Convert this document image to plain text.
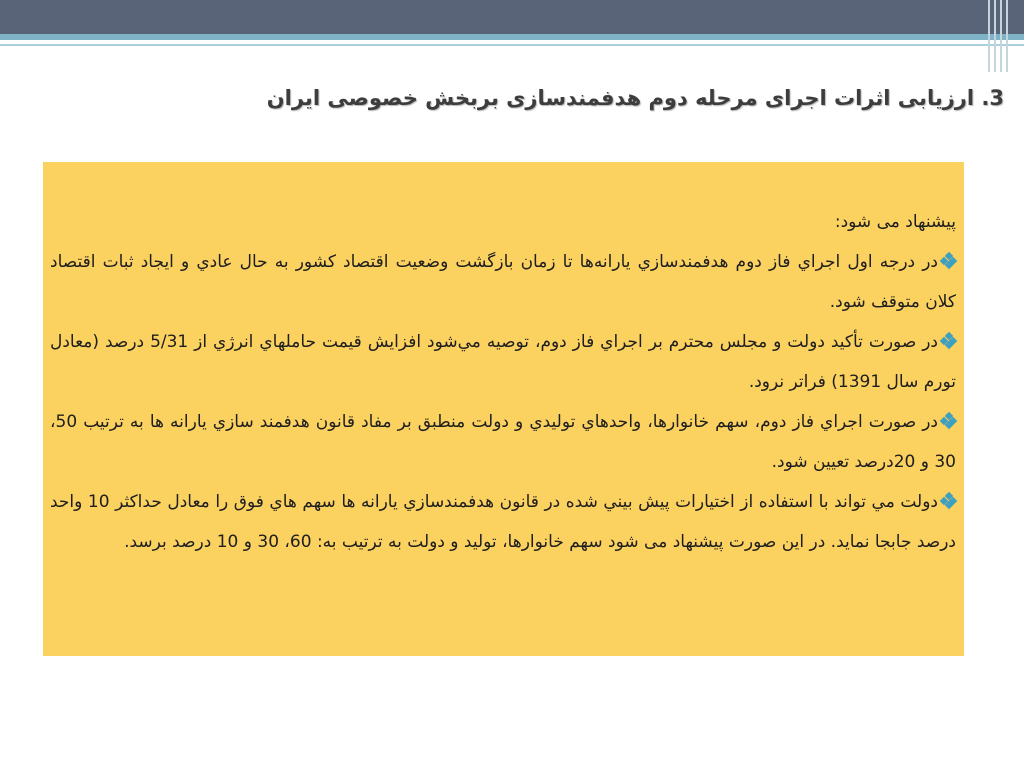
3. ارزیابی اثرات اجرای مرحله دوم هدفمندسازی بربخش خصوصی ایران

پیشنهاد می شود:

در درجه اول اجراي فاز دوم هدفمندسازي يارانه‌ها تا زمان بازگشت وضعيت اقتصاد كشور به حال عادي و ايجاد ثبات اقتصاد كلان متوقف شود.

در صورت تأكيد دولت و مجلس محترم بر اجراي فاز دوم، توصيه مي‌شود افزايش قيمت حاملهاي انرژي از 5/31 درصد (معادل تورم سال 1391) فراتر نرود.

در صورت اجراي فاز دوم، سهم خانوارها، واحدهاي توليدي و دولت منطبق بر مفاد قانون هدفمند سازي يارانه ها به ترتيب 50، 30 و 20درصد تعيين شود.

دولت مي تواند با استفاده از اختيارات پيش بيني شده در قانون هدفمندسازي يارانه ها سهم هاي فوق را معادل حداكثر 10 واحد درصد جابجا نمايد. در اين صورت پيشنهاد مى شود سهم خانوارها، تولید و دولت به ترتیب به: 60، 30 و 10 درصد برسد.
